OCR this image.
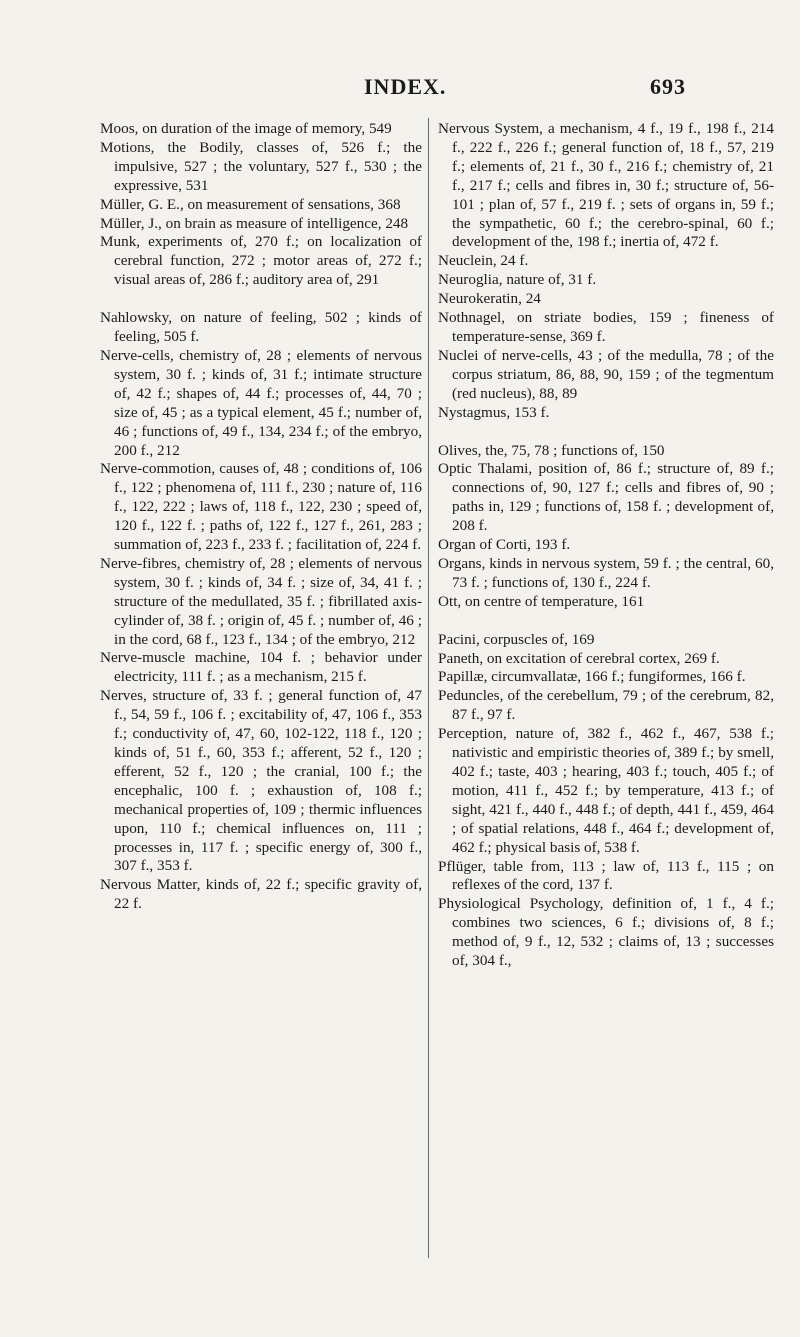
INDEX.	693

Moos, on duration of the image of memory, 549

Motions, the Bodily, classes of, 526 f.; the impulsive, 527 ; the voluntary, 527 f., 530 ; the expressive, 531

Müller, G. E., on measurement of sensations, 368

Müller, J., on brain as measure of intelligence, 248

Munk, experiments of, 270 f.; on localization of cerebral function, 272 ; motor areas of, 272 f.; visual areas of, 286 f.; auditory area of, 291

Nahlowsky, on nature of feeling, 502 ; kinds of feeling, 505 f.

Nerve-cells, chemistry of, 28 ; elements of nervous system, 30 f. ; kinds of, 31 f.; intimate structure of, 42 f.; shapes of, 44 f.; processes of, 44, 70 ; size of, 45 ; as a typical element, 45 f.; number of, 46 ; functions of, 49 f., 134, 234 f.; of the embryo, 200 f., 212

Nerve-commotion, causes of, 48 ; conditions of, 106 f., 122 ; phenomena of, 111 f., 230 ; nature of, 116 f., 122, 222 ; laws of, 118 f., 122, 230 ; speed of, 120 f., 122 f. ; paths of, 122 f., 127 f., 261, 283 ; summation of, 223 f., 233 f. ; facilitation of, 224 f.

Nerve-fibres, chemistry of, 28 ; elements of nervous system, 30 f. ; kinds of, 34 f. ; size of, 34, 41 f. ; structure of the medullated, 35 f. ; fibrillated axis-cylinder of, 38 f. ; origin of, 45 f. ; number of, 46 ; in the cord, 68 f., 123 f., 134 ; of the embryo, 212

Nerve-muscle machine, 104 f. ; behavior under electricity, 111 f. ; as a mechanism, 215 f.

Nerves, structure of, 33 f. ; general function of, 47 f., 54, 59 f., 106 f. ; excitability of, 47, 106 f., 353 f.; conductivity of, 47, 60, 102-122, 118 f., 120 ; kinds of, 51 f., 60, 353 f.; afferent, 52 f., 120 ; efferent, 52 f., 120 ; the cranial, 100 f.; the encephalic, 100 f. ; exhaustion of, 108 f.; mechanical properties of, 109 ; thermic influences upon, 110 f.; chemical influences on, 111 ; processes in, 117 f. ; specific energy of, 300 f., 307 f., 353 f.

Nervous Matter, kinds of, 22 f.; specific gravity of, 22 f.

Nervous System, a mechanism, 4 f., 19 f., 198 f., 214 f., 222 f., 226 f.; general function of, 18 f., 57, 219 f.; elements of, 21 f., 30 f., 216 f.; chemistry of, 21 f., 217 f.; cells and fibres in, 30 f.; structure of, 56-101 ; plan of, 57 f., 219 f. ; sets of organs in, 59 f.; the sympathetic, 60 f.; the cerebro-spinal, 60 f.; development of the, 198 f.; inertia of, 472 f.

Neuclein, 24 f.

Neuroglia, nature of, 31 f.

Neurokeratin, 24

Nothnagel, on striate bodies, 159 ; fineness of temperature-sense, 369 f.

Nuclei of nerve-cells, 43 ; of the medulla, 78 ; of the corpus striatum, 86, 88, 90, 159 ; of the tegmentum (red nucleus), 88, 89

Nystagmus, 153 f.

Olives, the, 75, 78 ; functions of, 150

Optic Thalami, position of, 86 f.; structure of, 89 f.; connections of, 90, 127 f.; cells and fibres of, 90 ; paths in, 129 ; functions of, 158 f. ; development of, 208 f.

Organ of Corti, 193 f.

Organs, kinds in nervous system, 59 f. ; the central, 60, 73 f. ; functions of, 130 f., 224 f.

Ott, on centre of temperature, 161

Pacini, corpuscles of, 169

Paneth, on excitation of cerebral cortex, 269 f.

Papillæ, circumvallatæ, 166 f.; fungiformes, 166 f.

Peduncles, of the cerebellum, 79 ; of the cerebrum, 82, 87 f., 97 f.

Perception, nature of, 382 f., 462 f., 467, 538 f.; nativistic and empiristic theories of, 389 f.; by smell, 402 f.; taste, 403 ; hearing, 403 f.; touch, 405 f.; of motion, 411 f., 452 f.; by temperature, 413 f.; of sight, 421 f., 440 f., 448 f.; of depth, 441 f., 459, 464 ; of spatial relations, 448 f., 464 f.; development of, 462 f.; physical basis of, 538 f.

Pflüger, table from, 113 ; law of, 113 f., 115 ; on reflexes of the cord, 137 f.

Physiological Psychology, definition of, 1 f., 4 f.; combines two sciences, 6 f.; divisions of, 8 f.; method of, 9 f., 12, 532 ; claims of, 13 ; successes of, 304 f.,
